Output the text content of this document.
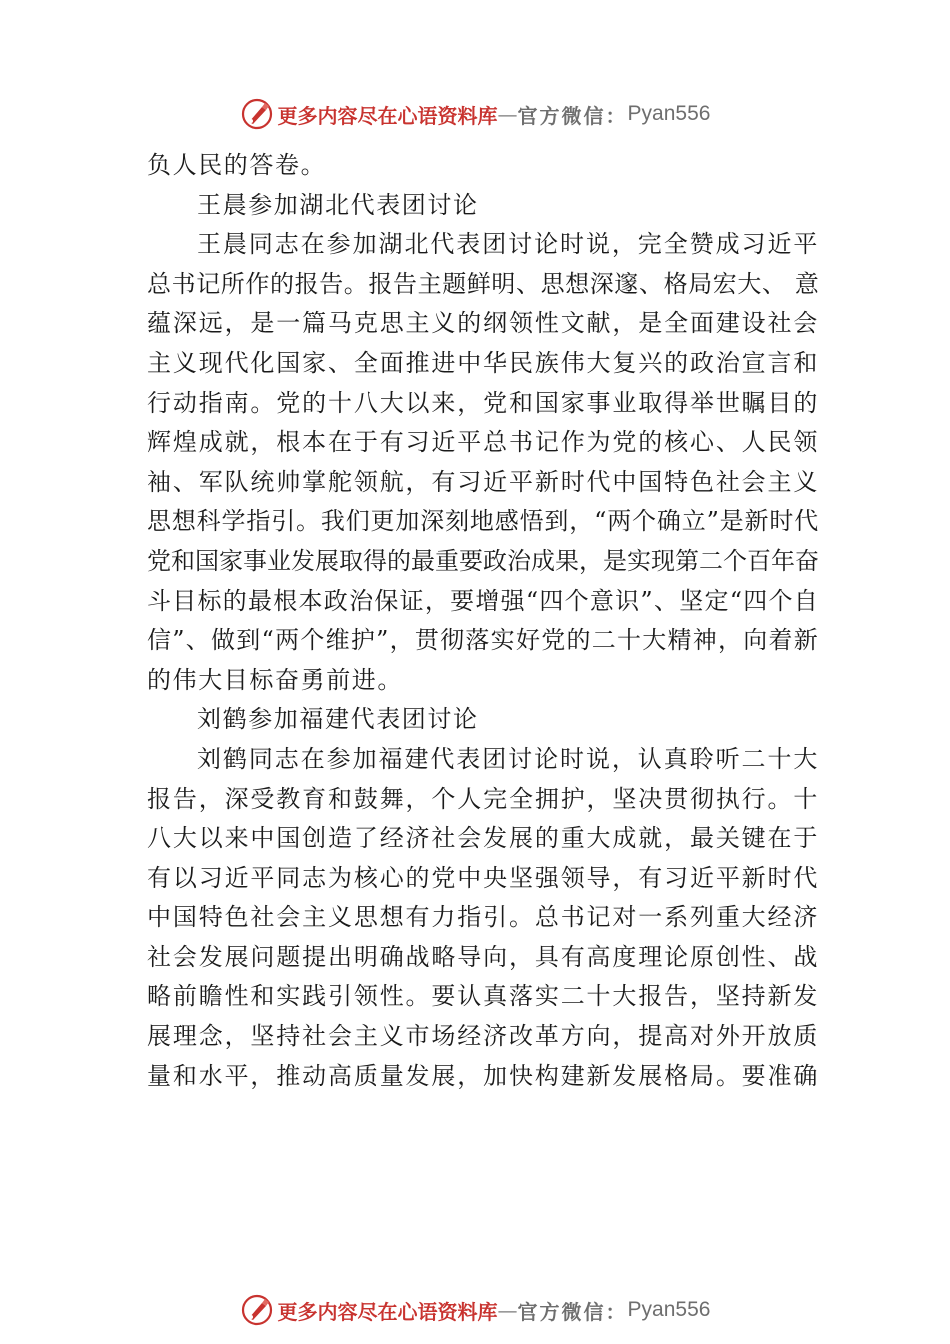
更多内容尽在心语资料库 — 官方微信： Pyan556
负人民的答卷。
王晨参加湖北代表团讨论
王晨同志在参加湖北代表团讨论时说，完全赞成习近平
总书记所作的报告。报告主题鲜明、思想深邃、格局宏大、 意
蕴深远，是一篇马克思主义的纲领性文献，是全面建设社会
主义现代化国家、全面推进中华民族伟大复兴的政治宣言和
行动指南。党的十八大以来，党和国家事业取得举世瞩目的
辉煌成就，根本在于有习近平总书记作为党的核心、人民领
袖、军队统帅掌舵领航，有习近平新时代中国特色社会主义
思想科学指引。我们更加深刻地感悟到，“两个确立”是新时代
党和国家事业发展取得的最重要政治成果，是实现第二个百年奋
斗目标的最根本政治保证，要增强“四个意识”、坚定“四个自
信”、做到“两个维护”，贯彻落实好党的二十大精神，向着新
的伟大目标奋勇前进。
刘鹤参加福建代表团讨论
刘鹤同志在参加福建代表团讨论时说，认真聆听二十大
报告，深受教育和鼓舞，个人完全拥护，坚决贯彻执行。十
八大以来中国创造了经济社会发展的重大成就，最关键在于
有以习近平同志为核心的党中央坚强领导，有习近平新时代
中国特色社会主义思想有力指引。总书记对一系列重大经济
社会发展问题提出明确战略导向，具有高度理论原创性、战
略前瞻性和实践引领性。要认真落实二十大报告，坚持新发
展理念，坚持社会主义市场经济改革方向，提高对外开放质
量和水平，推动高质量发展，加快构建新发展格局。要准确
更多内容尽在心语资料库 — 官方微信： Pyan556
